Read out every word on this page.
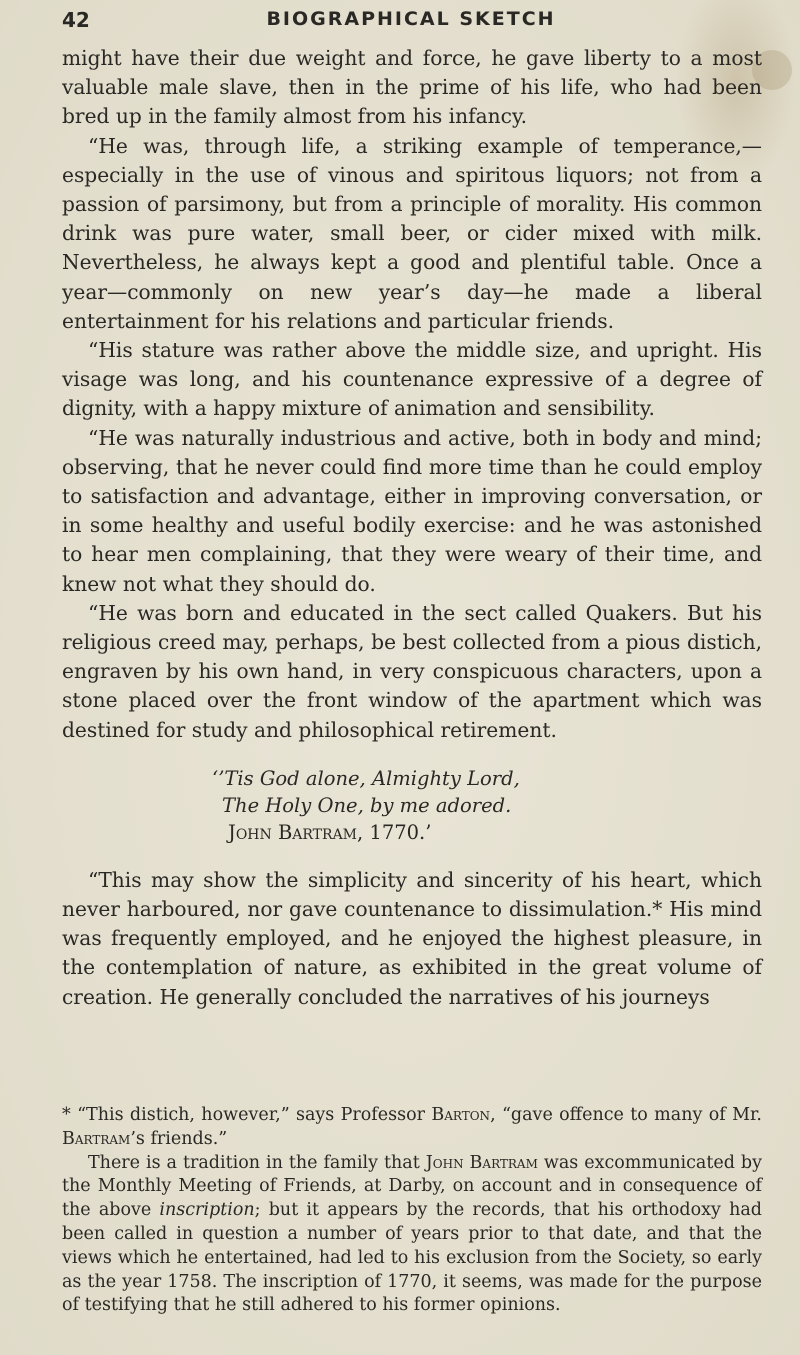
42	BIOGRAPHICAL SKETCH

might have their due weight and force, he gave liberty to a most valuable male slave, then in the prime of his life, who had been bred up in the family almost from his infancy.

“He was, through life, a striking example of temperance,—especially in the use of vinous and spiritous liquors; not from a passion of parsimony, but from a principle of morality. His common drink was pure water, small beer, or cider mixed with milk. Nevertheless, he always kept a good and plentiful table. Once a year—commonly on new year’s day—he made a liberal entertainment for his relations and particular friends.

“His stature was rather above the middle size, and upright. His visage was long, and his countenance expressive of a degree of dignity, with a happy mixture of animation and sensibility.

“He was naturally industrious and active, both in body and mind; observing, that he never could find more time than he could employ to satisfaction and advantage, either in improving conversation, or in some healthy and useful bodily exercise: and he was astonished to hear men complaining, that they were weary of their time, and knew not what they should do.

“He was born and educated in the sect called Quakers. But his religious creed may, perhaps, be best collected from a pious distich, engraven by his own hand, in very conspicuous characters, upon a stone placed over the front window of the apartment which was destined for study and philosophical retirement.

‘’Tis God alone, Almighty Lord,
The Holy One, by me adored.
John Bartram, 1770.’

“This may show the simplicity and sincerity of his heart, which never harboured, nor gave countenance to dissimulation.* His mind was frequently employed, and he enjoyed the highest pleasure, in the contemplation of nature, as exhibited in the great volume of creation. He generally concluded the narratives of his journeys

* “This distich, however,” says Professor Barton, “gave offence to many of Mr. Bartram’s friends.”

There is a tradition in the family that John Bartram was excommunicated by the Monthly Meeting of Friends, at Darby, on account and in consequence of the above inscription; but it appears by the records, that his orthodoxy had been called in question a number of years prior to that date, and that the views which he entertained, had led to his exclusion from the Society, so early as the year 1758. The inscription of 1770, it seems, was made for the purpose of testifying that he still adhered to his former opinions.
